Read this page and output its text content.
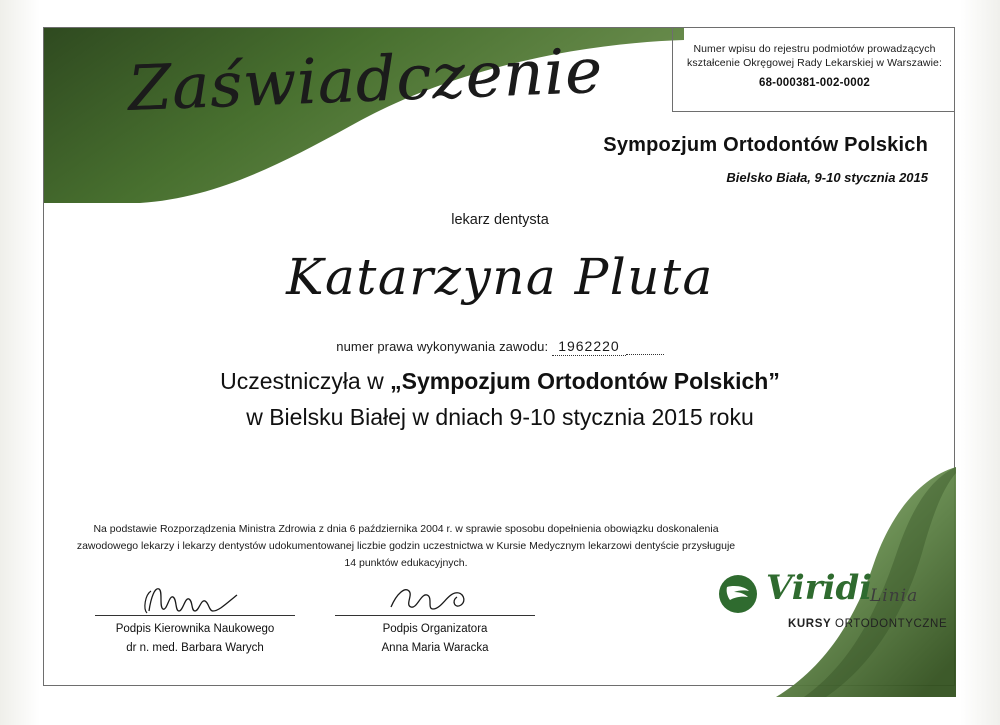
Numer wpisu do rejestru podmiotów prowadzących
kształcenie Okręgowej Rady Lekarskiej w Warszawie:
68-000381-002-0002
Zaświadczenie
Sympozjum Ortodontów Polskich
Bielsko Biała, 9-10 stycznia 2015
lekarz dentysta
Katarzyna Pluta
numer prawa wykonywania zawodu: 1962220
Uczestniczyła w „Sympozjum Ortodontów Polskich”
w Bielsku Białej w dniach 9-10 stycznia 2015 roku
Na podstawie Rozporządzenia Ministra Zdrowia z dnia 6 października 2004 r. w sprawie sposobu dopełnienia obowiązku doskonalenia zawodowego lekarzy i lekarzy dentystów udokumentowanej liczbie godzin uczestnictwa w Kursie Medycznym lekarzowi dentyście przysługuje 14 punktów edukacyjnych.
Podpis Kierownika Naukowego
dr n. med. Barbara Warych
Podpis Organizatora
Anna Maria Waracka
Viridi
Linia
KURSY ORTODONTYCZNE
